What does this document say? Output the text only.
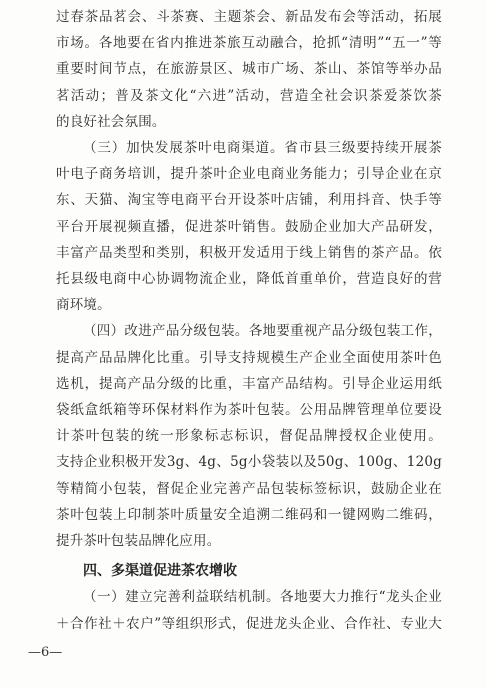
过春茶品茗会、斗茶赛、主题茶会、新品发布会等活动，拓展
市场。各地要在省内推进茶旅互动融合，抢抓“清明”“五一”等
重要时间节点，在旅游景区、城市广场、茶山、茶馆等举办品
茗活动；普及茶文化“六进”活动，营造全社会识茶爱茶饮茶
的良好社会氛围。
（三）加快发展茶叶电商渠道。省市县三级要持续开展茶
叶电子商务培训，提升茶叶企业电商业务能力；引导企业在京
东、天猫、淘宝等电商平台开设茶叶店铺，利用抖音、快手等
平台开展视频直播，促进茶叶销售。鼓励企业加大产品研发，
丰富产品类型和类别，积极开发适用于线上销售的茶产品。依
托县级电商中心协调物流企业，降低首重单价，营造良好的营
商环境。
（四）改进产品分级包装。各地要重视产品分级包装工作，
提高产品品牌化比重。引导支持规模生产企业全面使用茶叶色
选机，提高产品分级的比重，丰富产品结构。引导企业运用纸
袋纸盒纸箱等环保材料作为茶叶包装。公用品牌管理单位要设
计茶叶包装的统一形象标志标识，督促品牌授权企业使用。
支持企业积极开发3g、4g、5g小袋装以及50g、100g、120g
等精简小包装，督促企业完善产品包装标签标识，鼓励企业在
茶叶包装上印制茶叶质量安全追溯二维码和一键网购二维码，
提升茶叶包装品牌化应用。
四、多渠道促进茶农增收
（一）建立完善利益联结机制。各地要大力推行“龙头企业
＋合作社＋农户”等组织形式，促进龙头企业、合作社、专业大
—6—
